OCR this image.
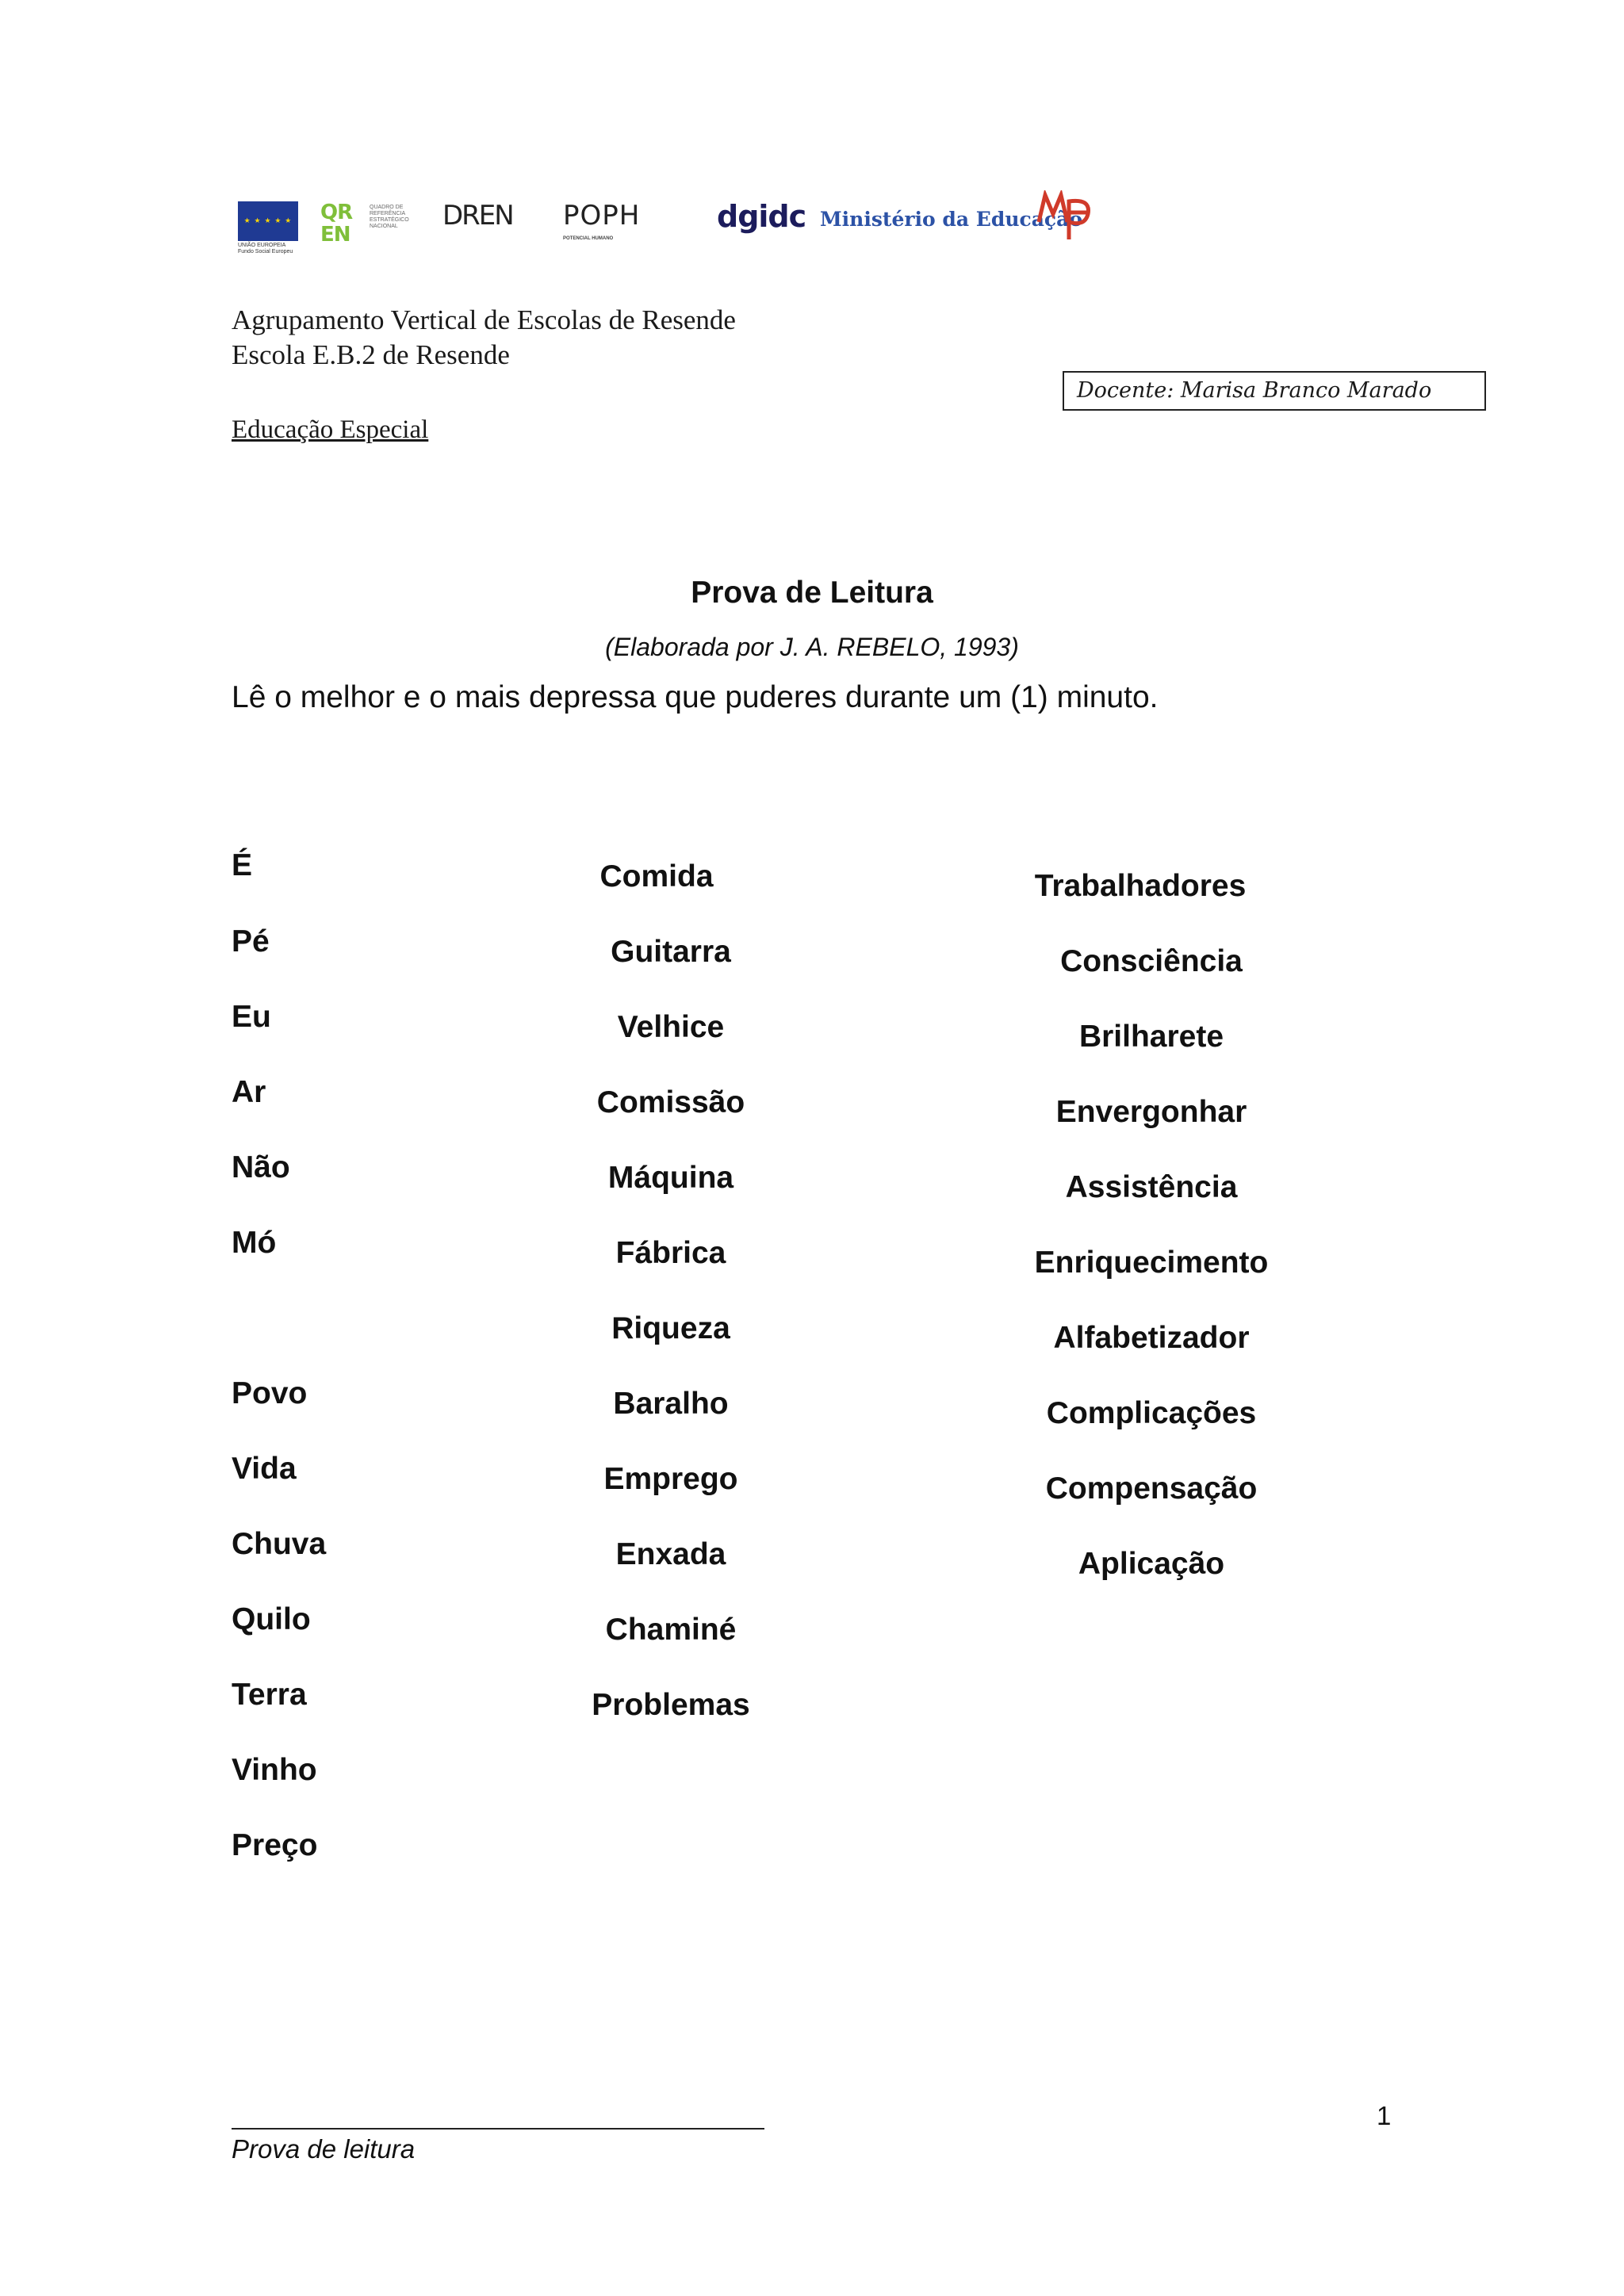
★ ★ ★ ★ ★
UNIÃO EUROPEIA
Fundo Social Europeu
QR
EN
QUADRO DE REFERÊNCIA ESTRATÉGICO NACIONAL	DREN	POPH
POTENCIAL HUMANO
dgidc Ministério da Educação
Agrupamento Vertical de Escolas de Resende
Escola E.B.2 de Resende
Docente: Marisa Branco Marado
Educação Especial
Prova de Leitura
(Elaborada por J. A. REBELO, 1993)
Lê o melhor e o mais depressa que puderes durante um (1) minuto.
É
Pé
Eu
Ar
Não
Mó
Povo
Vida
Chuva
Quilo
Terra
Vinho
Preço
Comida
Guitarra
Velhice
Comissão
Máquina
Fábrica
Riqueza
Baralho
Emprego
Enxada
Chaminé
Problemas
Trabalhadores
Consciência
Brilharete
Envergonhar
Assistência
Enriquecimento
Alfabetizador
Complicações
Compensação
Aplicação
1
Prova de leitura
